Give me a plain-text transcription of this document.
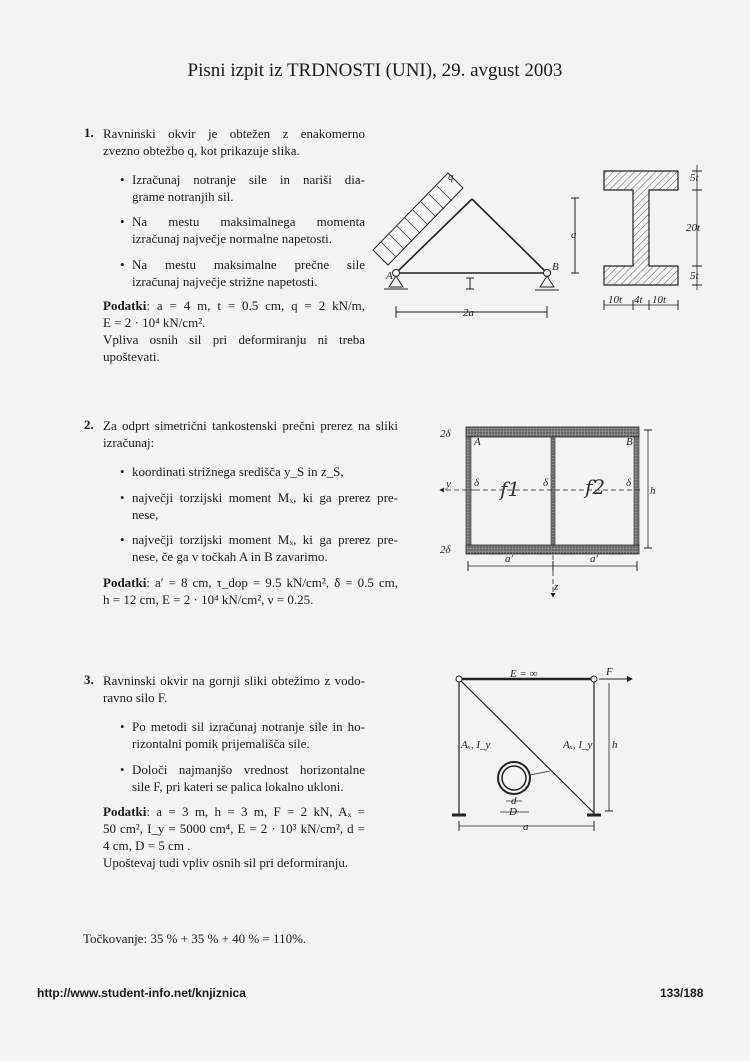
Pisni izpit iz TRDNOSTI (UNI), 29. avgust 2003
1. Ravninski okvir je obtežen z enakomerno
zvezno obtežbo q, kot prikazuje slika.
• Izračunaj notranje sile in nariši dia-
grame notranjih sil.
• Na mestu maksimalnega momenta
izračunaj največje normalne napetosti.
• Na mestu maksimalne prečne sile
izračunaj največje strižne napetosti.
Podatki: a = 4 m, t = 0.5 cm, q = 2 kN/m,
E = 2 · 10⁴ kN/cm².
Vpliva osnih sil pri deformiranju ni treba
upoštevati.
2. Za odprt simetrični tankostenski prečni prerez na sliki
izračunaj:
• koordinati strižnega središča y_S in z_S,
• največji torzijski moment Mₓ, ki ga prerez pre-
nese,
• največji torzijski moment Mₓ, ki ga prerez pre-
nese, če ga v točkah A in B zavarimo.
Podatki: a′ = 8 cm, τ_dop = 9.5 kN/cm², δ = 0.5 cm,
h = 12 cm, E = 2 · 10⁴ kN/cm², ν = 0.25.
3. Ravninski okvir na gornji sliki obtežimo z vodo-
ravno silo F.
• Po metodi sil izračunaj notranje sile in ho-
rizontalni pomik prijemališča sile.
• Določi najmanjšo vrednost horizontalne
sile F, pri kateri se palica lokalno ukloni.
Podatki: a = 3 m, h = 3 m, F = 2 kN, Aₓ =
50 cm², I_y = 5000 cm⁴, E = 2 · 10³ kN/cm², d =
4 cm, D = 5 cm .
Upoštevaj tudi vpliv osnih sil pri deformiranju.
Točkovanje: 35 % + 35 % + 40 % = 110%.
http://www.student-info.net/knjiznica	133/188
q
A
B
a
2a
5t
20t
5t
10t 4t 10t
2δ
2δ
A	B
y
z
δ	δ	δ
h
a′	a′
f1	f2
E = ∞	F
Aₓ, I_y	Aₓ, I_y h
d
D
a
